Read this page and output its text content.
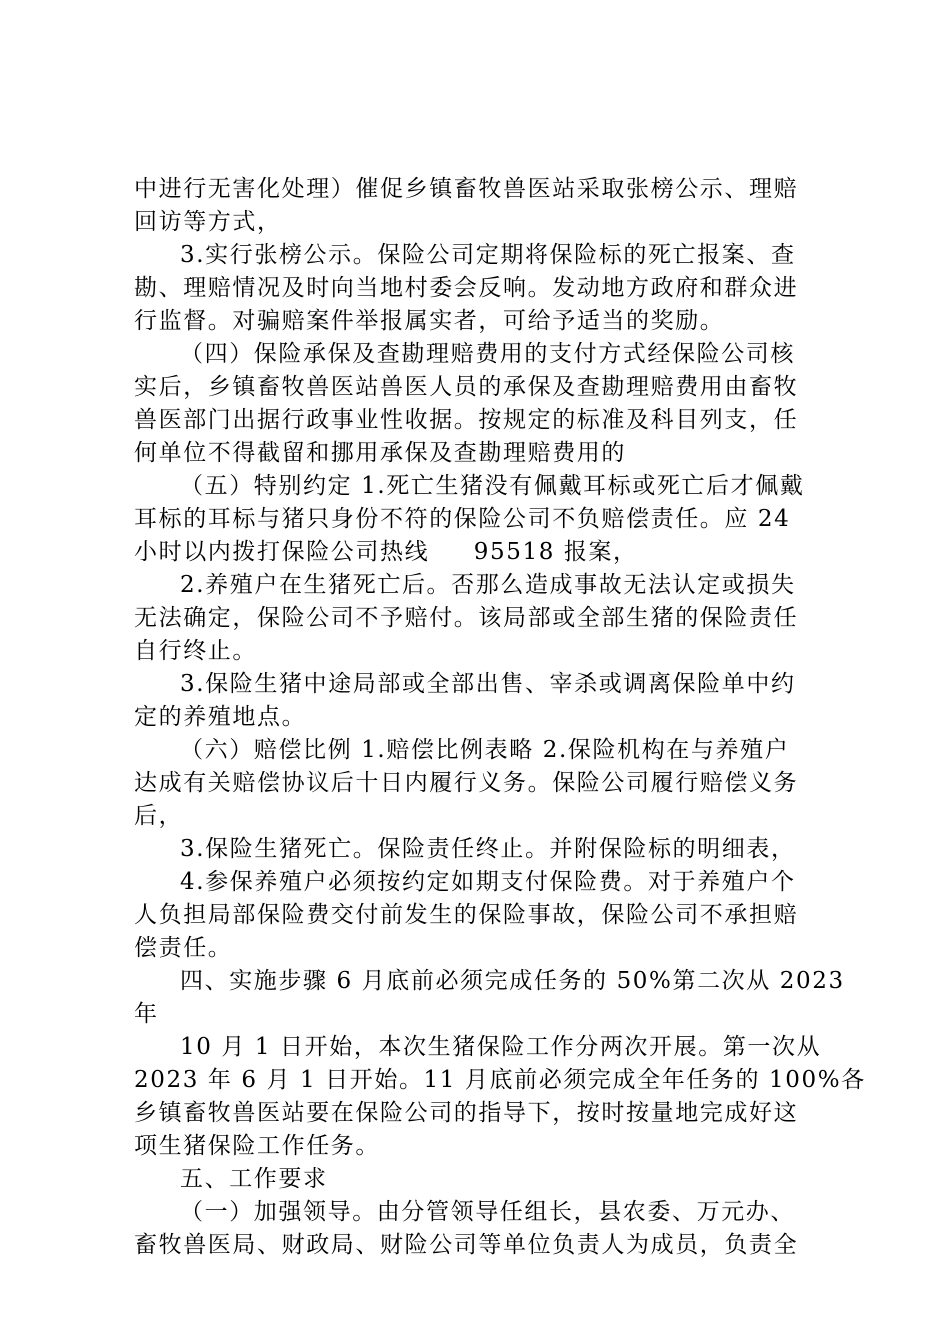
中进行无害化处理）催促乡镇畜牧兽医站采取张榜公示、理赔
回访等方式，
3.实行张榜公示。保险公司定期将保险标的死亡报案、查
勘、理赔情况及时向当地村委会反响。发动地方政府和群众进
行监督。对骗赔案件举报属实者，可给予适当的奖励。
（四）保险承保及查勘理赔费用的支付方式经保险公司核
实后，乡镇畜牧兽医站兽医人员的承保及查勘理赔费用由畜牧
兽医部门出据行政事业性收据。按规定的标准及科目列支，任
何单位不得截留和挪用承保及查勘理赔费用的
（五）特别约定 1.死亡生猪没有佩戴耳标或死亡后才佩戴
耳标的耳标与猪只身份不符的保险公司不负赔偿责任。应 24
小时以内拨打保险公司热线     95518 报案，
2.养殖户在生猪死亡后。否那么造成事故无法认定或损失
无法确定，保险公司不予赔付。该局部或全部生猪的保险责任
自行终止。
3.保险生猪中途局部或全部出售、宰杀或调离保险单中约
定的养殖地点。
（六）赔偿比例 1.赔偿比例表略 2.保险机构在与养殖户
达成有关赔偿协议后十日内履行义务。保险公司履行赔偿义务
后，
3.保险生猪死亡。保险责任终止。并附保险标的明细表，
4.参保养殖户必须按约定如期支付保险费。对于养殖户个
人负担局部保险费交付前发生的保险事故，保险公司不承担赔
偿责任。
四、实施步骤 6 月底前必须完成任务的 50%第二次从 2023
年
10 月 1 日开始，本次生猪保险工作分两次开展。第一次从
2023 年 6 月 1 日开始。11 月底前必须完成全年任务的 100%各
乡镇畜牧兽医站要在保险公司的指导下，按时按量地完成好这
项生猪保险工作任务。
五、工作要求
（一）加强领导。由分管领导任组长，县农委、万元办、
畜牧兽医局、财政局、财险公司等单位负责人为成员，负责全
